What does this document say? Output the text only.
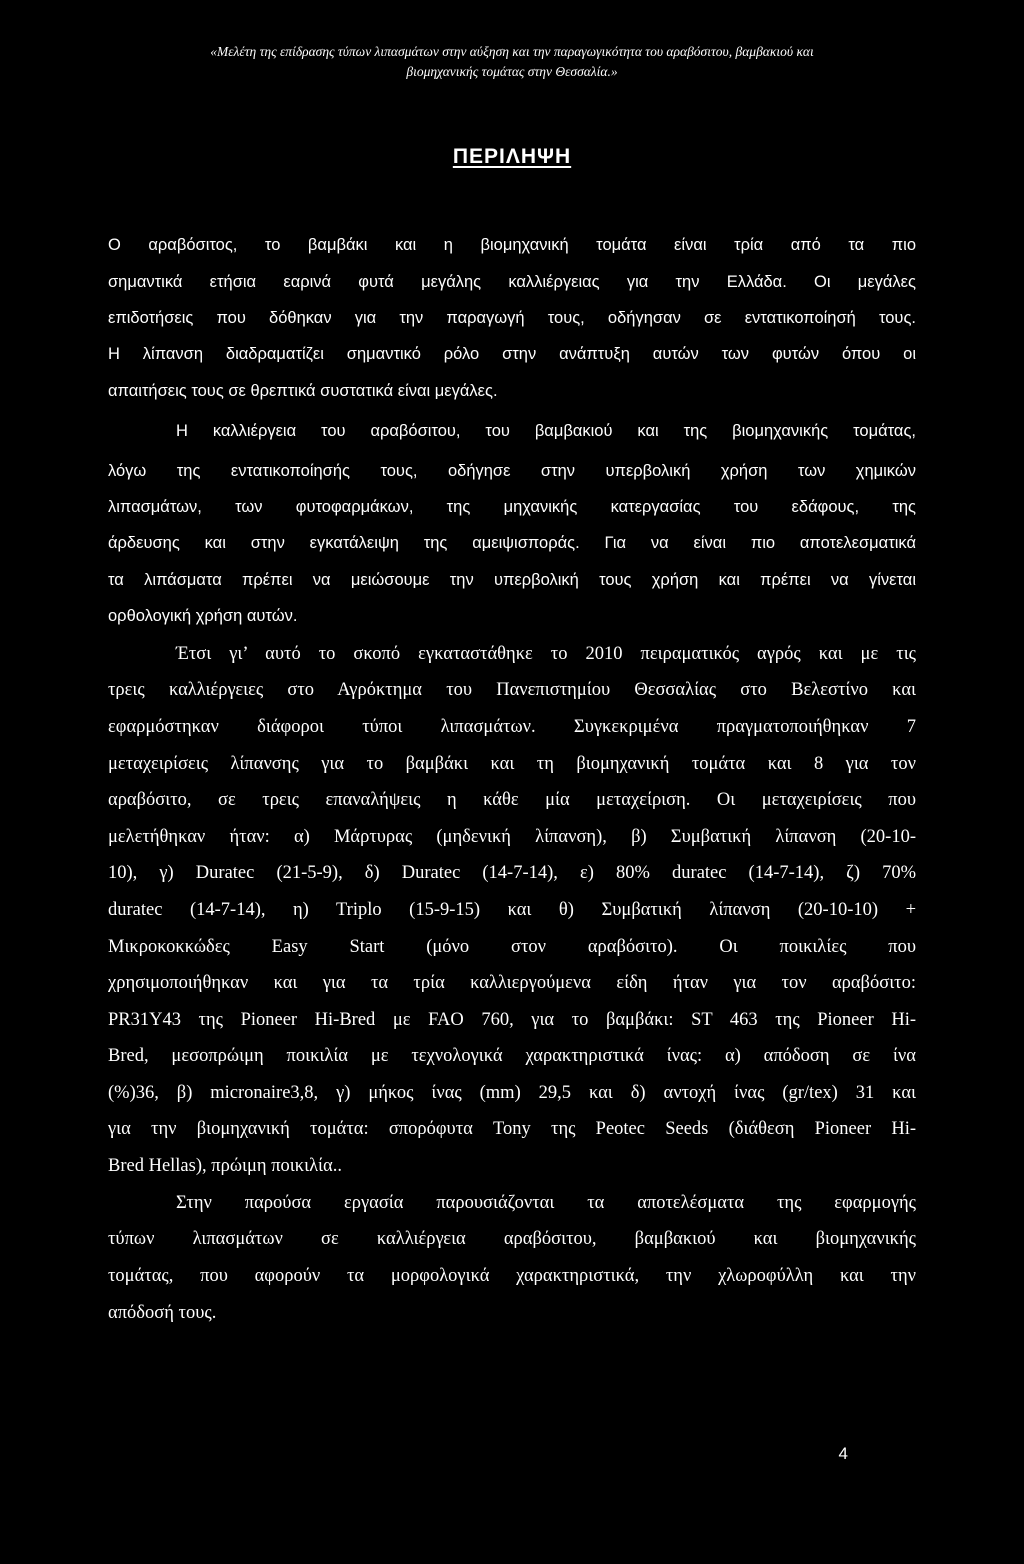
«Μελέτη της επίδρασης τύπων λιπασμάτων στην αύξηση και την παραγωγικότητα του αραβόσιτου, βαμβακιού και
βιομηχανικής τομάτας στην Θεσσαλία.»
ΠΕΡΙΛΗΨΗ
Ο αραβόσιτος, το βαμβάκι και η βιομηχανική τομάτα είναι τρία από τα πιο
σημαντικά ετήσια εαρινά φυτά μεγάλης καλλιέργειας για την Ελλάδα. Οι μεγάλες
επιδοτήσεις που δόθηκαν για την παραγωγή τους, οδήγησαν σε εντατικοποίησή τους.
Η λίπανση διαδραματίζει σημαντικό ρόλο στην ανάπτυξη αυτών των φυτών όπου οι
απαιτήσεις τους σε θρεπτικά συστατικά είναι μεγάλες.
Η καλλιέργεια του αραβόσιτου, του βαμβακιού και της βιομηχανικής τομάτας,
λόγω της εντατικοποίησής τους, οδήγησε στην υπερβολική χρήση των χημικών
λιπασμάτων, των φυτοφαρμάκων, της μηχανικής κατεργασίας του εδάφους, της
άρδευσης και στην εγκατάλειψη της αμειψισποράς. Για να είναι πιο αποτελεσματικά
τα λιπάσματα πρέπει να μειώσουμε την υπερβολική τους χρήση και πρέπει να γίνεται
ορθολογική χρήση αυτών.
Έτσι γι’ αυτό το σκοπό εγκαταστάθηκε το 2010 πειραματικός αγρός και με τις
τρεις καλλιέργειες στο Αγρόκτημα του Πανεπιστημίου Θεσσαλίας στο Βελεστίνο και
εφαρμόστηκαν διάφοροι τύποι λιπασμάτων. Συγκεκριμένα πραγματοποιήθηκαν 7
μεταχειρίσεις λίπανσης για το βαμβάκι και τη βιομηχανική τομάτα και 8 για τον
αραβόσιτο, σε τρεις επαναλήψεις η κάθε μία μεταχείριση. Οι μεταχειρίσεις που
μελετήθηκαν ήταν: α) Μάρτυρας (μηδενική λίπανση), β) Συμβατική λίπανση (20-10-
10), γ) Duratec (21-5-9), δ) Duratec (14-7-14), ε) 80% duratec (14-7-14), ζ) 70%
duratec (14-7-14), η) Triplo (15-9-15) και θ) Συμβατική λίπανση (20-10-10) +
Μικροκοκκώδες Easy Start (μόνο στον αραβόσιτο). Οι ποικιλίες που
χρησιμοποιήθηκαν και για τα τρία καλλιεργούμενα είδη ήταν για τον αραβόσιτο:
PR31Y43 της Pioneer Hi-Bred με FAO 760, για το βαμβάκι: ST 463 της Pioneer Hi-
Bred, μεσοπρώιμη ποικιλία με τεχνολογικά χαρακτηριστικά ίνας: α) απόδοση σε ίνα
(%)36, β) micronaire3,8, γ) μήκος ίνας (mm) 29,5 και δ) αντοχή ίνας (gr/tex) 31 και
για την βιομηχανική τομάτα: σπορόφυτα Tony της Peotec Seeds (διάθεση Pioneer Hi-
Bred Hellas), πρώιμη ποικιλία..
Στην παρούσα εργασία παρουσιάζονται τα αποτελέσματα της εφαρμογής
τύπων λιπασμάτων σε καλλιέργεια αραβόσιτου, βαμβακιού και βιομηχανικής
τομάτας, που αφορούν τα μορφολογικά χαρακτηριστικά, την χλωροφύλλη και την
απόδοσή τους.
4
